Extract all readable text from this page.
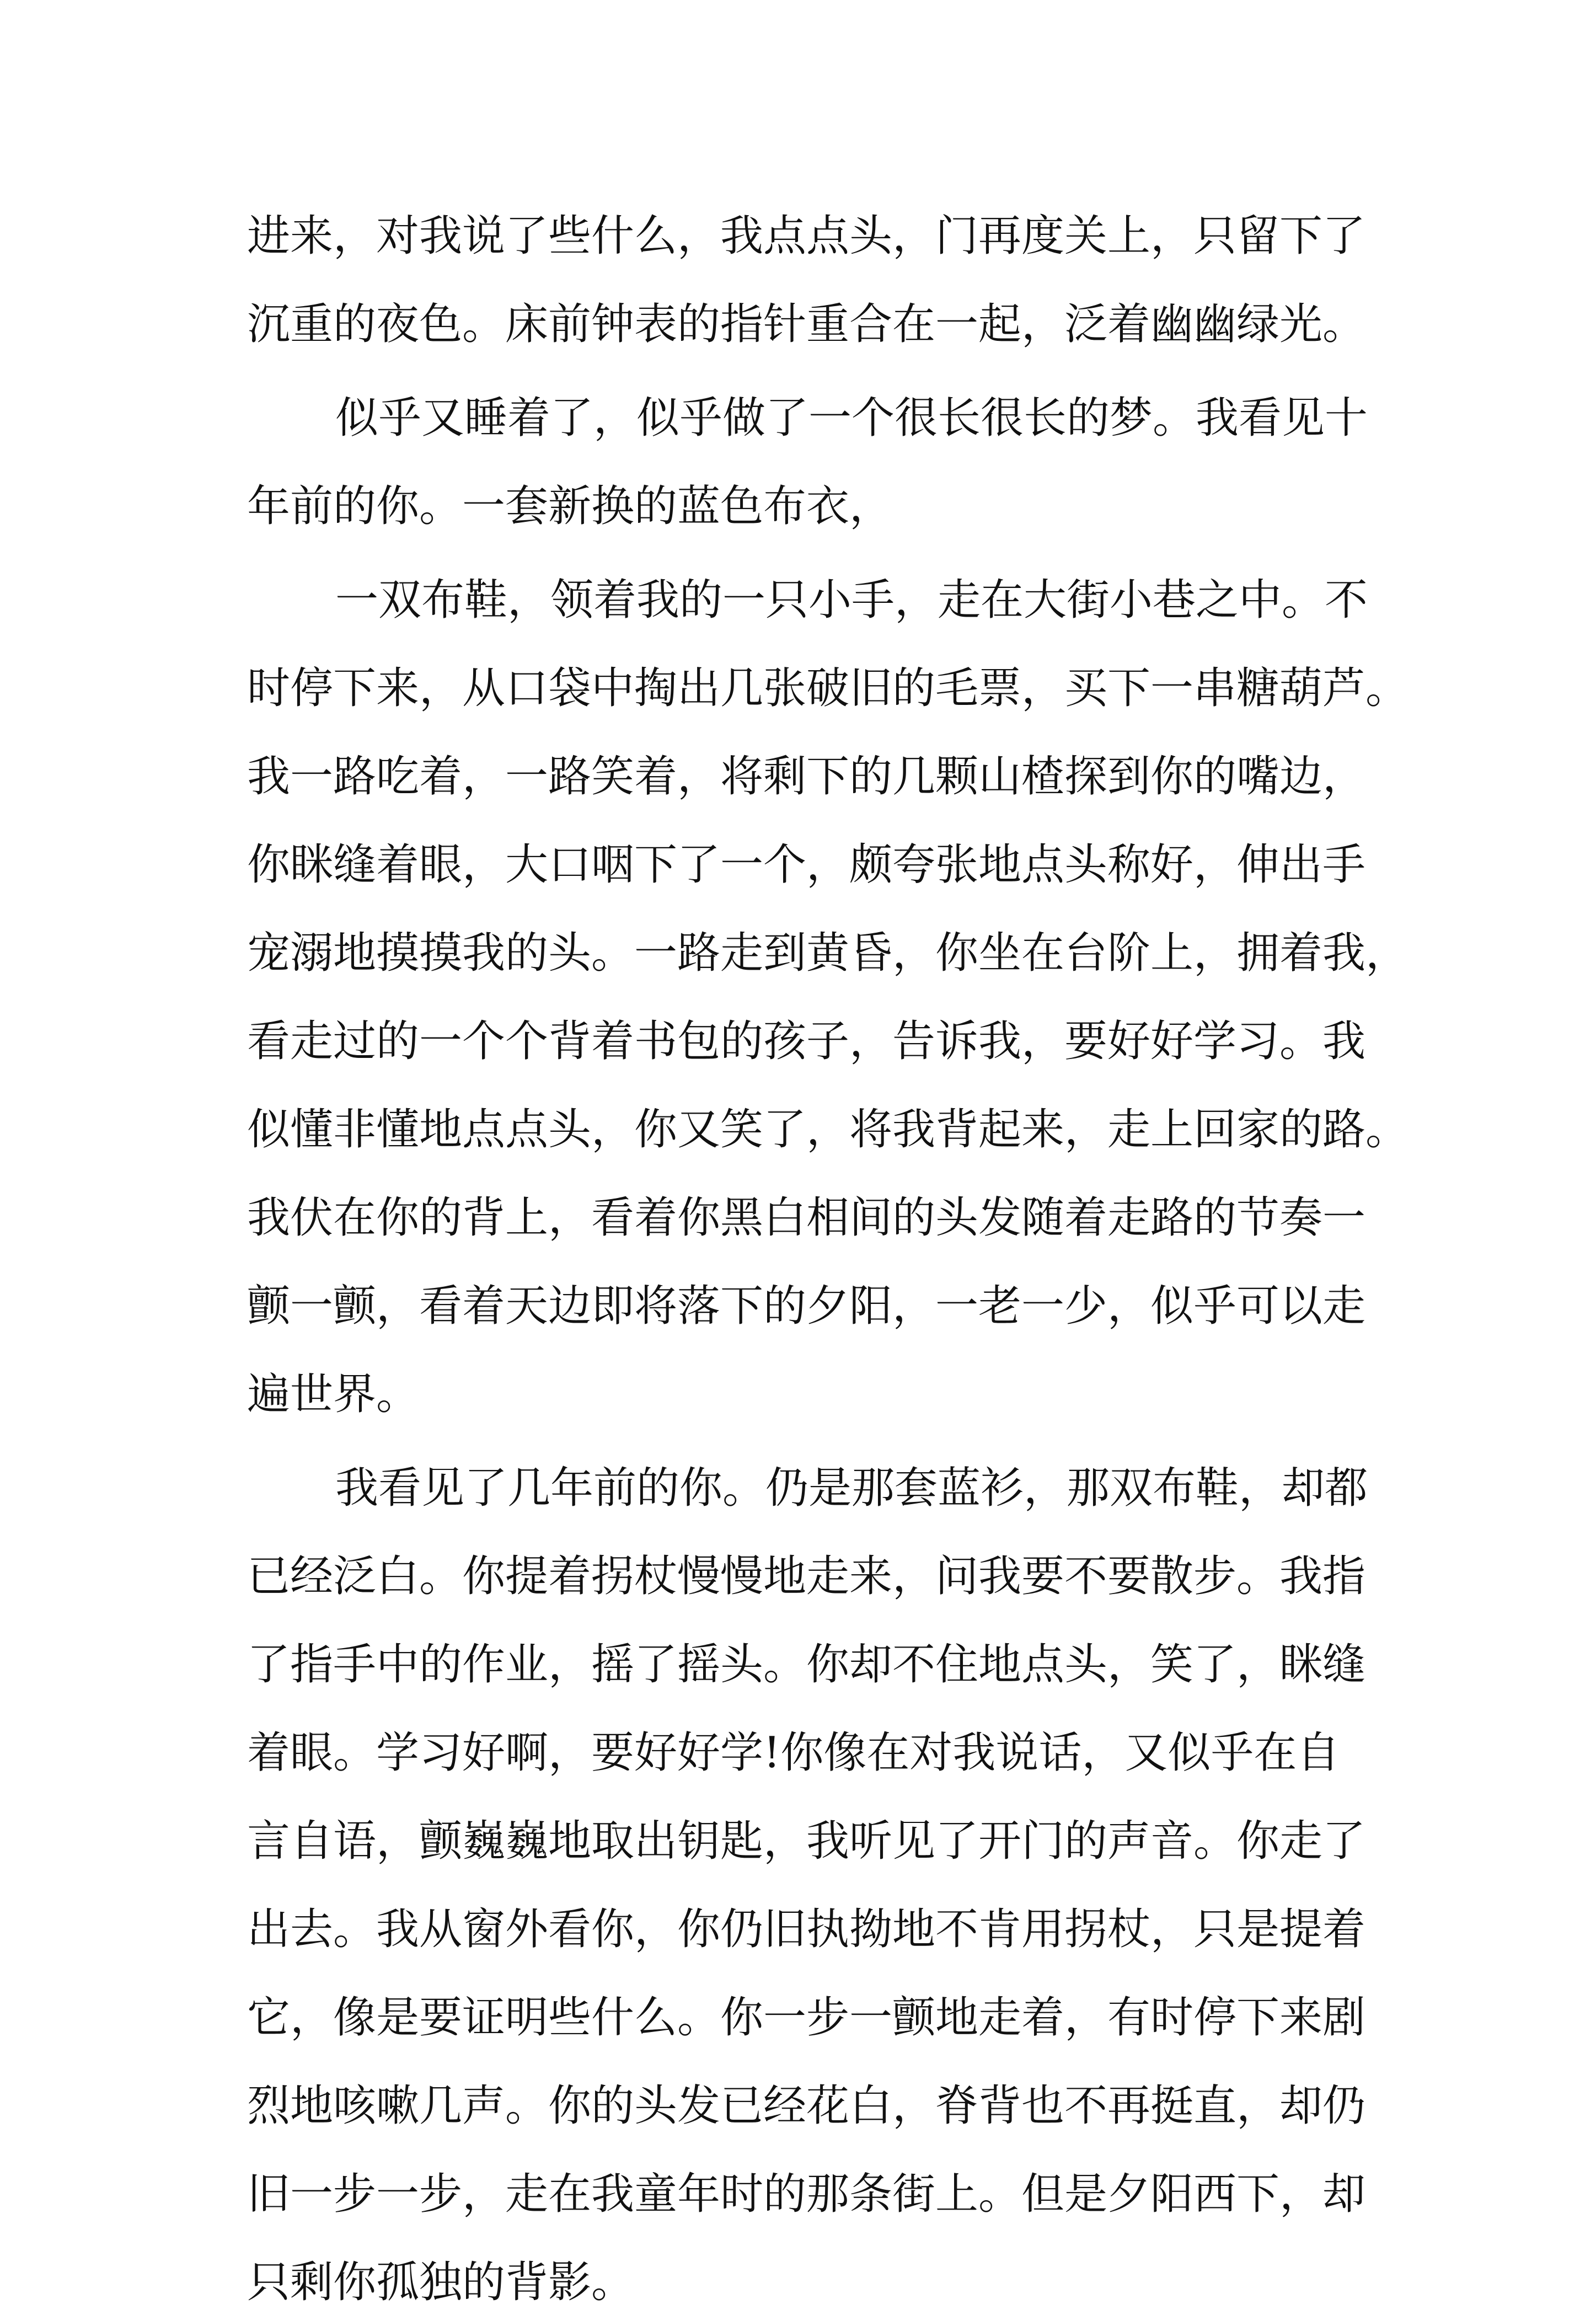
进来，对我说了些什么，我点点头，门再度关上，只留下了
沉重的夜色。床前钟表的指针重合在一起，泛着幽幽绿光。
似乎又睡着了，似乎做了一个很长很长的梦。我看见十
年前的你。一套新换的蓝色布衣，
一双布鞋，领着我的一只小手，走在大街小巷之中。不
时停下来，从口袋中掏出几张破旧的毛票，买下一串糖葫芦。
我一路吃着，一路笑着，将剩下的几颗山楂探到你的嘴边，
你眯缝着眼，大口咽下了一个，颇夸张地点头称好，伸出手
宠溺地摸摸我的头。一路走到黄昏，你坐在台阶上，拥着我，
看走过的一个个背着书包的孩子，告诉我，要好好学习。我
似懂非懂地点点头，你又笑了，将我背起来，走上回家的路。
我伏在你的背上，看着你黑白相间的头发随着走路的节奏一
颤一颤，看着天边即将落下的夕阳，一老一少，似乎可以走
遍世界。
我看见了几年前的你。仍是那套蓝衫，那双布鞋，却都
已经泛白。你提着拐杖慢慢地走来，问我要不要散步。我指
了指手中的作业，摇了摇头。你却不住地点头，笑了，眯缝
着眼。学习好啊，要好好学!你像在对我说话，又似乎在自
言自语，颤巍巍地取出钥匙，我听见了开门的声音。你走了
出去。我从窗外看你，你仍旧执拗地不肯用拐杖，只是提着
它，像是要证明些什么。你一步一颤地走着，有时停下来剧
烈地咳嗽几声。你的头发已经花白，脊背也不再挺直，却仍
旧一步一步，走在我童年时的那条街上。但是夕阳西下，却
只剩你孤独的背影。
